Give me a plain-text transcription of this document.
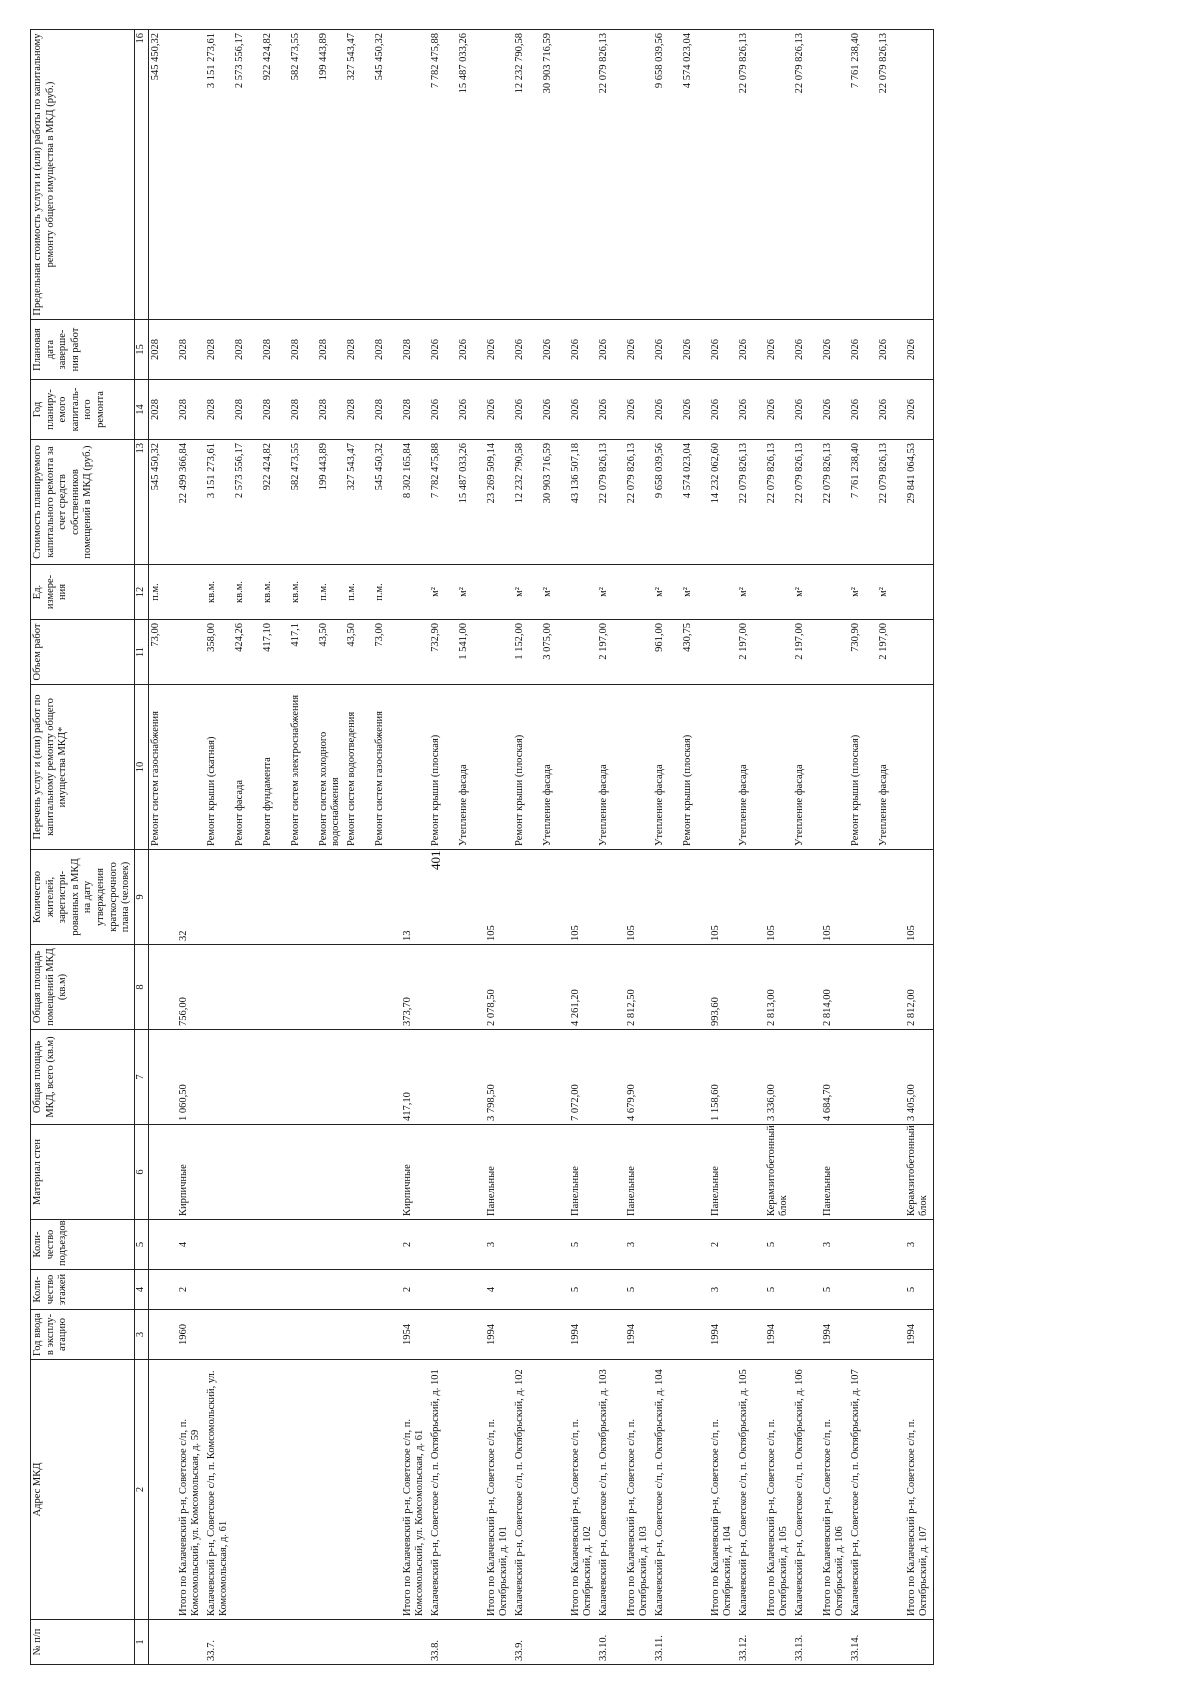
401
№ п/п	Адрес МКД	Год ввода в эксплу-атацию	Коли-чество этажей	Коли-чество подъездов	Материал стен	Общая площадь МКД, всего (кв.м)	Общая площадь помещений МКД (кв.м)	Количество жителей, зарегистри-рованных в МКД на дату утверждения краткосрочного плана (человек)	Перечень услуг и (или) работ по капитальному ремонту общего имущества МКД*	Объем работ	Ед. измере-ния	Стоимость планируемого капитального ремонта за счет средств собственников помещений в МКД (руб.)	Год планиру-емого капиталь-ного ремонта	Плановая дата заверше-ния работ	Предельная стоимость услуги и (или) работы по капитальному ремонту общего имущества в МКД (руб.)
1	2	3	4	5	6	7	8	9	10	11	12	13	14	15	16
									Ремонт систем газоснабжения	73,00	п.м.	545 450,32	2028	2028	545 450,32
	Итого по Калачевский р-н, Советское с/п, п. Комсомольский, ул. Комсомольская, д. 59	1960	2	4	Кирпичные	1 060,50	756,00	32				22 499 366,84	2028	2028	
33.7.	Калачевский р-н, Советское с/п, п. Комсомольский, ул. Комсомольская, д. 61								Ремонт крыши (скатная)	358,00	кв.м.	3 151 273,61	2028	2028	3 151 273,61
									Ремонт фасада	424,26	кв.м.	2 573 556,17	2028	2028	2 573 556,17
									Ремонт фундамента	417,10	кв.м.	922 424,82	2028	2028	922 424,82
									Ремонт систем электроснабжения	417,1	кв.м.	582 473,55	2028	2028	582 473,55
									Ремонт систем холодного водоснабжения	43,50	п.м.	199 443,89	2028	2028	199 443,89
									Ремонт систем водоотведения	43,50	п.м.	327 543,47	2028	2028	327 543,47
									Ремонт систем газоснабжения	73,00	п.м.	545 450,32	2028	2028	545 450,32
	Итого по Калачевский р-н, Советское с/п, п. Комсомольский, ул. Комсомольская, д. 61	1954	2	2	Кирпичные	417,10	373,70	13				8 302 165,84	2028	2028	
33.8.	Калачевский р-н, Советское с/п, п. Октябрьский, д. 101								Ремонт крыши (плоская)	732,90	м²	7 782 475,88	2026	2026	7 782 475,88
									Утепление фасада	1 541,00	м²	15 487 033,26	2026	2026	15 487 033,26
	Итого по Калачевский р-н, Советское с/п, п. Октябрьский, д. 101	1994	4	3	Панельные	3 798,50	2 078,50	105				23 269 509,14	2026	2026	
33.9.	Калачевский р-н, Советское с/п, п. Октябрьский, д. 102								Ремонт крыши (плоская)	1 152,00	м²	12 232 790,58	2026	2026	12 232 790,58
									Утепление фасада	3 075,00	м²	30 903 716,59	2026	2026	30 903 716,59
	Итого по Калачевский р-н, Советское с/п, п. Октябрьский, д. 102	1994	5	5	Панельные	7 072,00	4 261,20	105				43 136 507,18	2026	2026	
33.10.	Калачевский р-н, Советское с/п, п. Октябрьский, д. 103								Утепление фасада	2 197,00	м²	22 079 826,13	2026	2026	22 079 826,13
	Итого по Калачевский р-н, Советское с/п, п. Октябрьский, д. 103	1994	5	3	Панельные	4 679,90	2 812,50	105				22 079 826,13	2026	2026	
33.11.	Калачевский р-н, Советское с/п, п. Октябрьский, д. 104								Утепление фасада	961,00	м²	9 658 039,56	2026	2026	9 658 039,56
									Ремонт крыши (плоская)	430,75	м²	4 574 023,04	2026	2026	4 574 023,04
	Итого по Калачевский р-н, Советское с/п, п. Октябрьский, д. 104	1994	3	2	Панельные	1 158,60	993,60	105				14 232 062,60	2026	2026	
33.12.	Калачевский р-н, Советское с/п, п. Октябрьский, д. 105								Утепление фасада	2 197,00	м²	22 079 826,13	2026	2026	22 079 826,13
	Итого по Калачевский р-н, Советское с/п, п. Октябрьский, д. 105	1994	5	5	Керамзитобетонный блок	3 336,00	2 813,00	105				22 079 826,13	2026	2026	
33.13.	Калачевский р-н, Советское с/п, п. Октябрьский, д. 106								Утепление фасада	2 197,00	м²	22 079 826,13	2026	2026	22 079 826,13
	Итого по Калачевский р-н, Советское с/п, п. Октябрьский, д. 106	1994	5	3	Панельные	4 684,70	2 814,00	105				22 079 826,13	2026	2026	
33.14.	Калачевский р-н, Советское с/п, п. Октябрьский, д. 107								Ремонт крыши (плоская)	730,90	м²	7 761 238,40	2026	2026	7 761 238,40
									Утепление фасада	2 197,00	м²	22 079 826,13	2026	2026	22 079 826,13
	Итого по Калачевский р-н, Советское с/п, п. Октябрьский, д. 107	1994	5	3	Керамзитобетонный блок	3 405,00	2 812,00	105				29 841 064,53	2026	2026	
